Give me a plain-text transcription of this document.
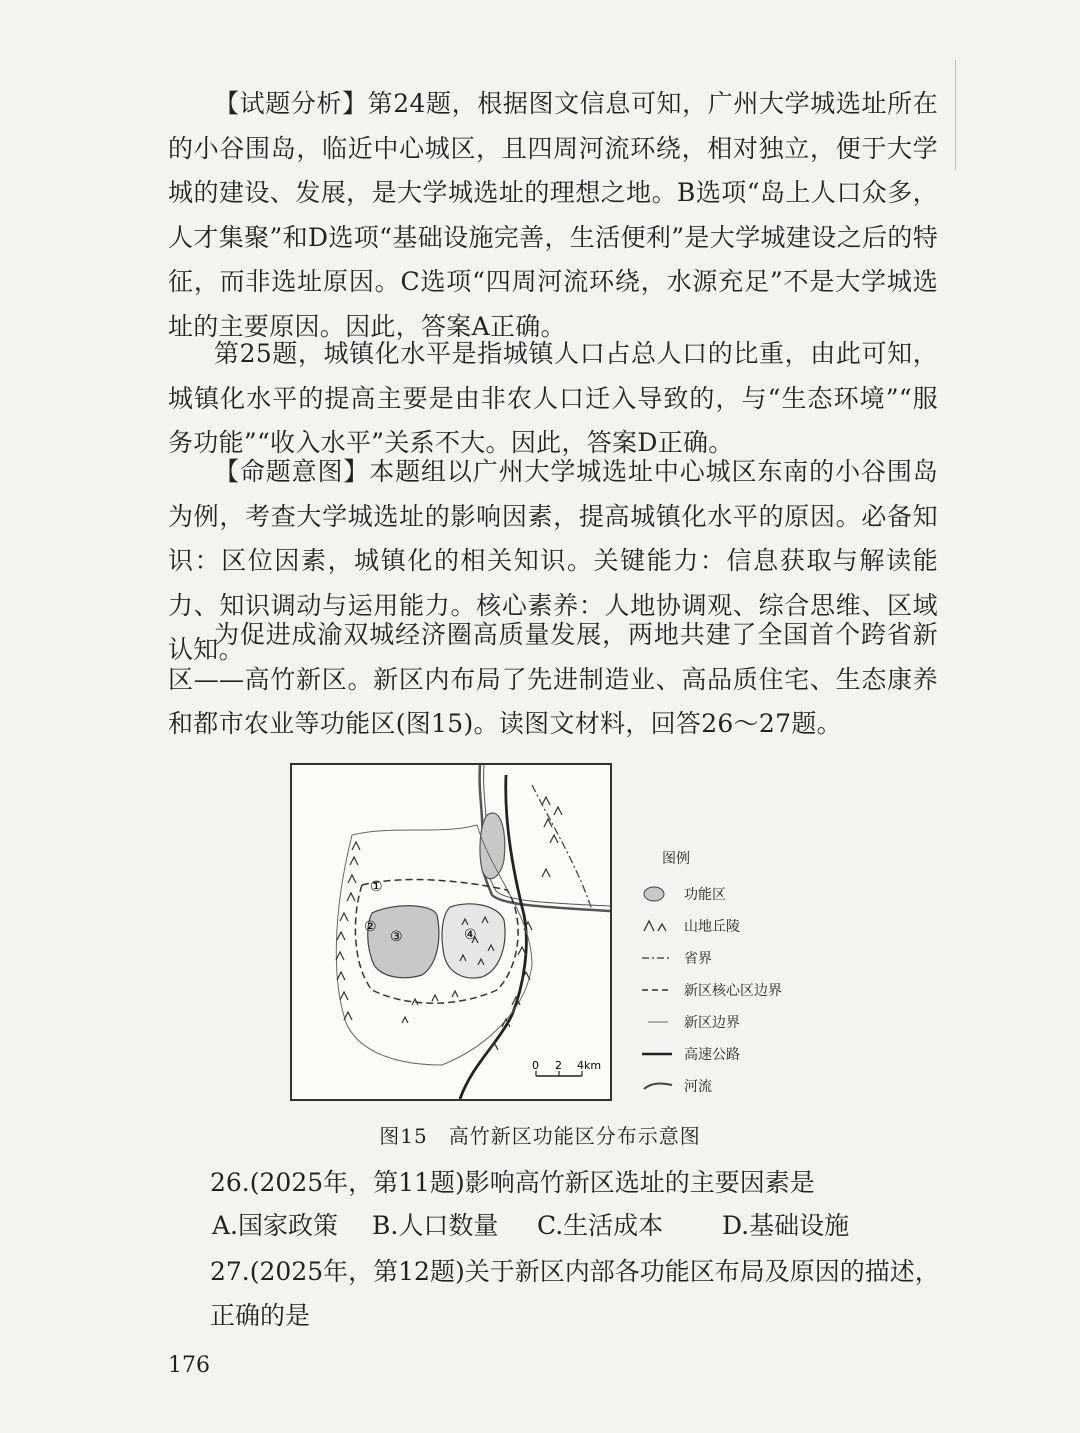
【试题分析】第24题，根据图文信息可知，广州大学城选址所在的小谷围岛，临近中心城区，且四周河流环绕，相对独立，便于大学城的建设、发展，是大学城选址的理想之地。B选项“岛上人口众多，人才集聚”和D选项“基础设施完善，生活便利”是大学城建设之后的特征，而非选址原因。C选项“四周河流环绕，水源充足”不是大学城选址的主要原因。因此，答案A正确。

第25题，城镇化水平是指城镇人口占总人口的比重，由此可知，城镇化水平的提高主要是由非农人口迁入导致的，与“生态环境”“服务功能”“收入水平”关系不大。因此，答案D正确。

【命题意图】本题组以广州大学城选址中心城区东南的小谷围岛为例，考查大学城选址的影响因素，提高城镇化水平的原因。必备知识：区位因素，城镇化的相关知识。关键能力：信息获取与解读能力、知识调动与运用能力。核心素养：人地协调观、综合思维、区域认知。

为促进成渝双城经济圈高质量发展，两地共建了全国首个跨省新区——高竹新区。新区内布局了先进制造业、高品质住宅、生态康养和都市农业等功能区(图15)。读图文材料，回答26～27题。

①
②
③	④
0 2 4km
图例
功能区
山地丘陵
省界
新区核心区边界
新区边界
高速公路
河流
图15　高竹新区功能区分布示意图

26.(2025年，第11题)影响高竹新区选址的主要因素是

A.国家政策	B.人口数量	C.生活成本	D.基础设施

27.(2025年，第12题)关于新区内部各功能区布局及原因的描述，正确的是

176
